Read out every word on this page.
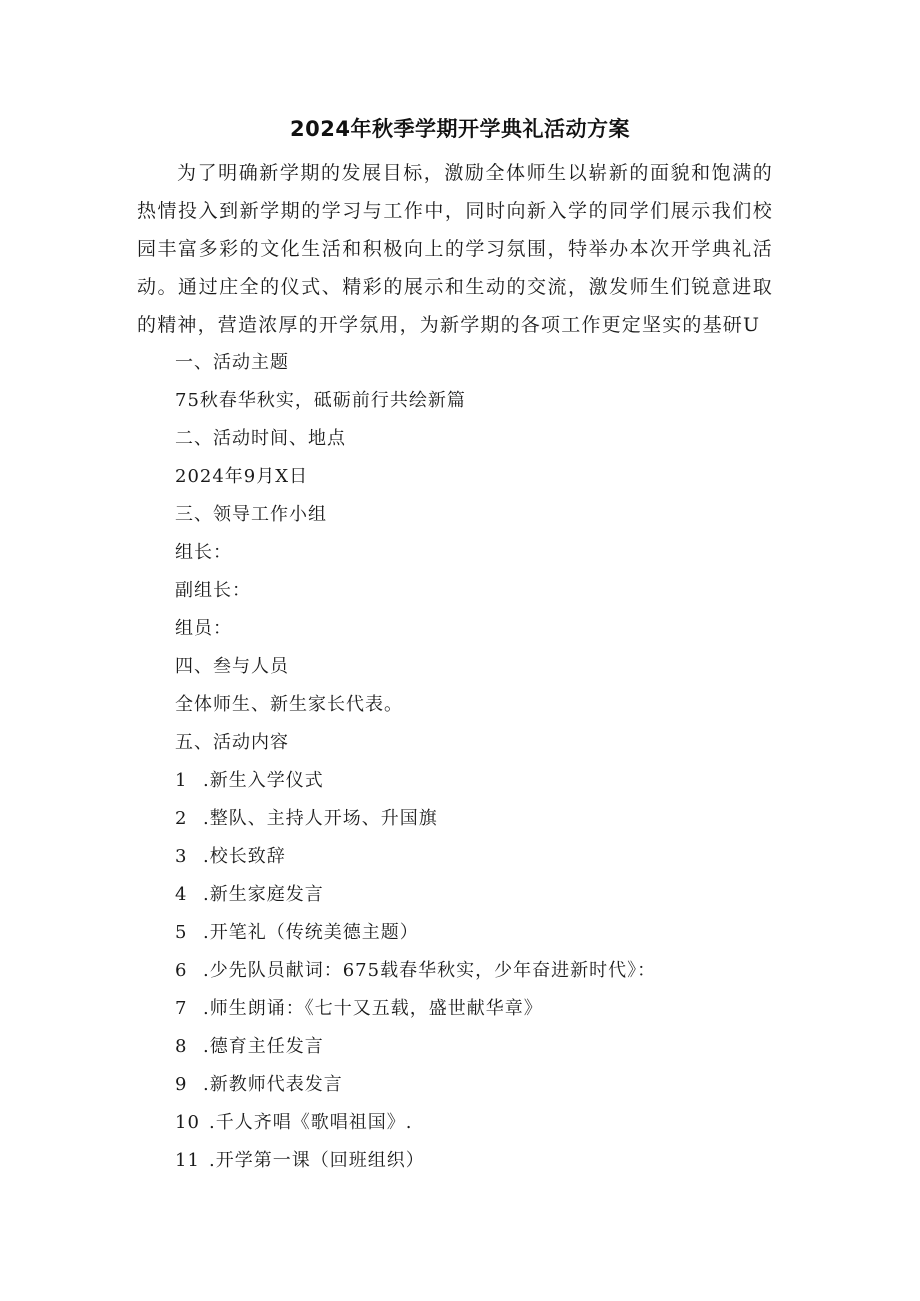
2024年秋季学期开学典礼活动方案

为了明确新学期的发展目标，激励全体师生以崭新的面貌和饱满的热情投入到新学期的学习与工作中，同时向新入学的同学们展示我们校园丰富多彩的文化生活和积极向上的学习氛围，特举办本次开学典礼活动。通过庄全的仪式、精彩的展示和生动的交流，激发师生们锐意进取的精神，营造浓厚的开学氛用，为新学期的各项工作更定坚实的基研U

一、活动主题
75秋春华秋实，砥砺前行共绘新篇
二、活动时间、地点
2024年9月X日
三、领导工作小组
组长：
副组长：
组员：
四、叁与人员
全体师生、新生家长代表。
五、活动内容
1 .新生入学仪式
2 .整队、主持人开场、升国旗
3 .校长致辞
4 .新生家庭发言
5 .开笔礼（传统美德主题）
6 .少先队员献词：675载春华秋实，少年奋进新时代》：
7 .师生朗诵：《七十又五载，盛世献华章》
8 .德育主任发言
9 .新教师代表发言
10 .千人齐唱《歌唱祖国》.
11 .开学第一课（回班组织）
